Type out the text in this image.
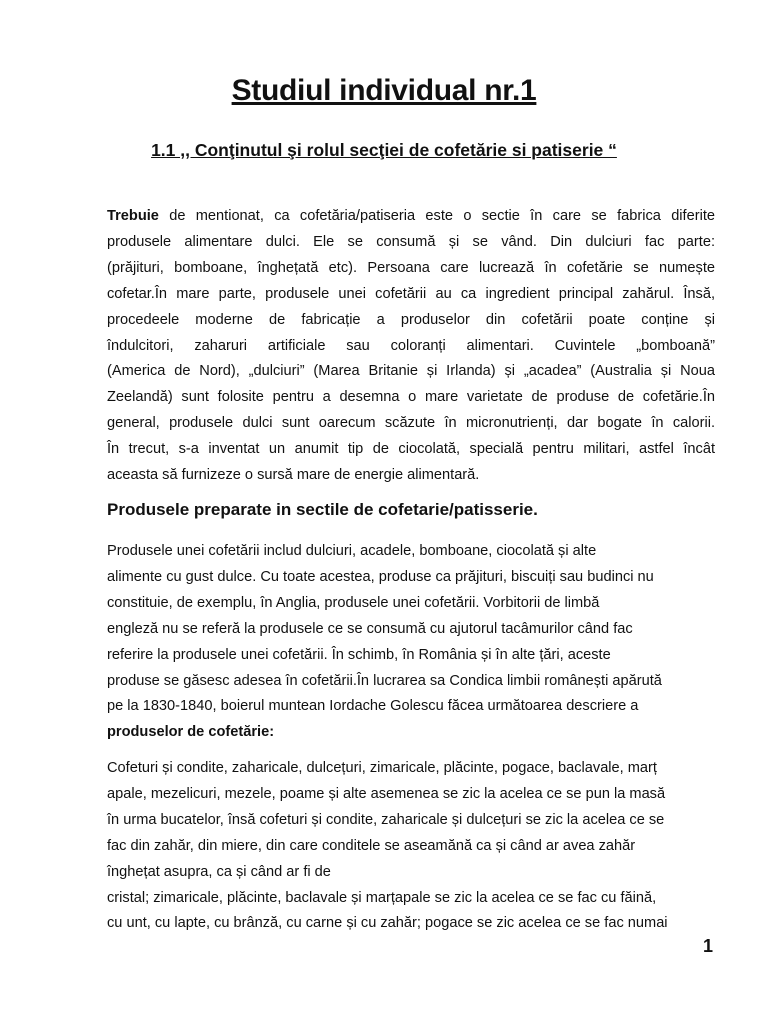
Studiul individual nr.1
1.1 ,, Conţinutul şi rolul secţiei de cofetărie si patiserie “
Trebuie de mentionat, ca cofetăria/patiseria este o sectie în care se fabrica diferite
produsele alimentare dulci. Ele se consumă și se vând. Din dulciuri fac parte:
(prăjituri, bomboane, înghețată etc). Persoana care lucrează în cofetărie se numește
cofetar.În mare parte, produsele unei cofetării au ca ingredient principal zahărul. Însă,
procedeele moderne de fabricație a produselor din cofetării poate conține și
îndulcitori, zaharuri artificiale sau coloranți alimentari. Cuvintele „bomboană”
(America de Nord), „dulciuri” (Marea Britanie și Irlanda) și „acadea” (Australia și Noua
Zeelandă) sunt folosite pentru a desemna o mare varietate de produse de cofetărie.În
general, produsele dulci sunt oarecum scăzute în micronutrienți, dar bogate în calorii.
În trecut, s-a inventat un anumit tip de ciocolată, specială pentru militari, astfel încât
aceasta să furnizeze o sursă mare de energie alimentară.
Produsele preparate in sectile de cofetarie/patisserie.
Produsele unei cofetării includ dulciuri, acadele, bomboane, ciocolată și alte
alimente cu gust dulce. Cu toate acestea, produse ca prăjituri, biscuiți sau budinci nu
constituie, de exemplu, în Anglia, produsele unei cofetării. Vorbitorii de limbă
engleză nu se referă la produsele ce se consumă cu ajutorul tacâmurilor când fac
referire la produsele unei cofetării. În schimb, în România și în alte țări, aceste
produse se găsesc adesea în cofetării.În lucrarea sa Condica limbii românești apărută
pe la 1830-1840, boierul muntean Iordache Golescu făcea următoarea descriere a
produselor de cofetărie:
Cofeturi și condite, zaharicale, dulcețuri, zimaricale, plăcinte, pogace, baclavale, marț
apale, mezelicuri, mezele, poame și alte asemenea se zic la acelea ce se pun la masă
în urma bucatelor, însă cofeturi și condite, zaharicale și dulcețuri se zic la acelea ce se
fac din zahăr, din miere, din care conditele se aseamănă ca și când ar avea zahăr
înghețat asupra, ca și când ar fi de
cristal; zimaricale, plăcinte, baclavale și marțapale se zic la acelea ce se fac cu făină,
cu unt, cu lapte, cu brânză, cu carne și cu zahăr; pogace se zic acelea ce se fac numai
1
